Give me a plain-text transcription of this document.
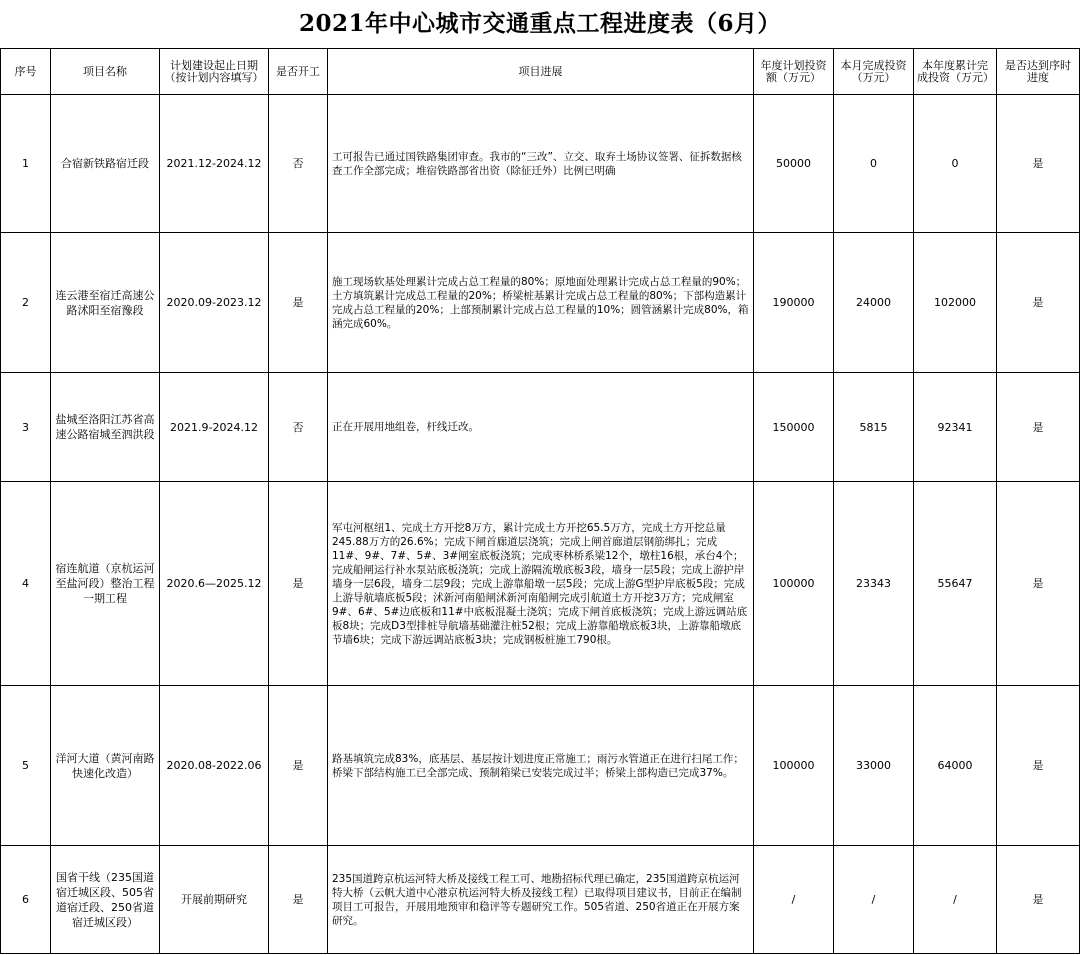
2021年中心城市交通重点工程进度表（6月）
序号	项目名称	计划建设起止日期（按计划内容填写）	是否开工	项目进展	年度计划投资额（万元）	本月完成投资（万元）	本年度累计完成投资（万元）	是否达到序时进度
1	合宿新铁路宿迁段	2021.12-2024.12	否	工可报告已通过国铁路集团审查。我市的“三改”、立交、取弃土场协议签署、征拆数据核查工作全部完成；堆宿铁路部省出资（除征迁外）比例已明确	50000	0	0	是
2	连云港至宿迁高速公路沭阳至宿豫段	2020.09-2023.12	是	施工现场软基处理累计完成占总工程量的80%；原地面处理累计完成占总工程量的90%；土方填筑累计完成总工程量的20%；桥梁桩基累计完成占总工程量的80%；下部构造累计完成占总工程量的20%；上部预制累计完成占总工程量的10%；圆管涵累计完成80%，箱涵完成60%。	190000	24000	102000	是
3	盐城至洛阳江苏省高速公路宿城至泗洪段	2021.9-2024.12	否	正在开展用地组卷，杆线迁改。	150000	5815	92341	是
4	宿连航道（京杭运河至盐河段）整治工程一期工程	2020.6—2025.12	是	军屯河枢纽1、完成土方开挖8万方，累计完成土方开挖65.5万方，完成土方开挖总量245.88万方的26.6%；完成下闸首廊道层浇筑；完成上闸首廊道层钢筋绑扎；完成11#、9#、7#、5#、3#闸室底板浇筑；完成枣林桥系梁12个，墩柱16根，承台4个；完成船闸运行补水泵站底板浇筑；完成上游隔流墩底板3段，墙身一层5段；完成上游护岸墙身一层6段，墙身二层9段；完成上游靠船墩一层5段；完成上游G型护岸底板5段；完成上游导航墙底板5段；沭新河南船闸沭新河南船闸完成引航道土方开挖3万方；完成闸室9#、6#、5#边底板和11#中底板混凝土浇筑；完成下闸首底板浇筑；完成上游远调站底板8块；完成D3型排桩导航墙基础灌注桩52根；完成上游靠船墩底板3块，上游靠船墩底节墙6块；完成下游远调站底板3块；完成钢板桩施工790根。	100000	23343	55647	是
5	洋河大道（黄河南路快速化改造）	2020.08-2022.06	是	路基填筑完成83%，底基层、基层按计划进度正常施工；雨污水管道正在进行扫尾工作；桥梁下部结构施工已全部完成、预制箱梁已安装完成过半；桥梁上部构造已完成37%。	100000	33000	64000	是
6	国省干线（235国道宿迁城区段、505省道宿迁段、250省道宿迁城区段）	开展前期研究	是	235国道跨京杭运河特大桥及接线工程工可、地勘招标代理已确定，235国道跨京杭运河特大桥（云帆大道中心港京杭运河特大桥及接线工程）已取得项目建议书，目前正在编制项目工可报告，开展用地预审和稳评等专题研究工作。505省道、250省道正在开展方案研究。	/	/	/	是
